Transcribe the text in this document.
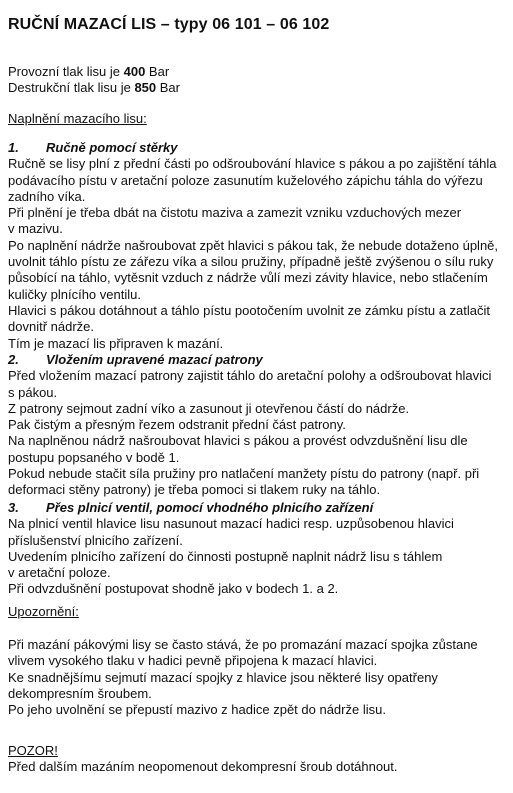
RUČNÍ MAZACÍ LIS – typy 06 101 – 06 102
Provozní tlak lisu je 400 Bar
Destrukční tlak lisu je 850 Bar
Naplnění mazacího lisu:
1. Ručně pomocí stěrky
Ručně se lisy plní z přední části po odšroubování hlavice s pákou a po zajištění táhla
podávacího pístu v aretační poloze zasunutím kuželového zápichu táhla do výřezu
zadního víka.
Při plnění je třeba dbát na čistotu maziva a zamezit vzniku vzduchových mezer
v mazivu.
Po naplnění nádrže našroubovat zpět hlavici s pákou tak, že nebude dotaženo úplně,
uvolnit táhlo pístu ze zářezu víka a silou pružiny, případně ještě zvýšenou o sílu ruky
působící na táhlo, vytěsnit vzduch z nádrže vůlí mezi závity hlavice, nebo stlačením
kuličky plnícího ventilu.
Hlavici s pákou dotáhnout a táhlo pístu pootočením uvolnit ze zámku pístu a zatlačit
dovnitř nádrže.
Tím je mazací lis připraven k mazání.
2. Vložením upravené mazací patrony
Před vložením mazací patrony zajistit táhlo do aretační polohy a odšroubovat hlavici
s pákou.
Z patrony sejmout zadní víko a zasunout ji otevřenou částí do nádrže.
Pak čistým a přesným řezem odstranit přední část patrony.
Na naplněnou nádrž našroubovat hlavici s pákou a provést odvzdušnění lisu dle
postupu popsaného v bodě 1.
Pokud nebude stačit síla pružiny pro natlačení manžety pístu do patrony (např. při
deformaci stěny patrony) je třeba pomoci si tlakem ruky na táhlo.
3. Přes plnicí ventil, pomocí vhodného plnicího zařízení
Na plnicí ventil hlavice lisu nasunout mazací hadici resp. uzpůsobenou hlavici
příslušenství plnicího zařízení.
Uvedením plnicího zařízení do činnosti postupně naplnit nádrž lisu s táhlem
v aretační poloze.
Při odvzdušnění postupovat shodně jako v bodech 1. a 2.
Upozornění:
Při mazání pákovými lisy se často stává, že po promazání mazací spojka zůstane
vlivem vysokého tlaku v hadici pevně připojena k mazací hlavici.
Ke snadnějšímu sejmutí mazací spojky z hlavice jsou některé lisy opatřeny
dekompresním šroubem.
Po jeho uvolnění se přepustí mazivo z hadice zpět do nádrže lisu.
POZOR!
Před dalším mazáním neopomenout dekompresní šroub dotáhnout.
